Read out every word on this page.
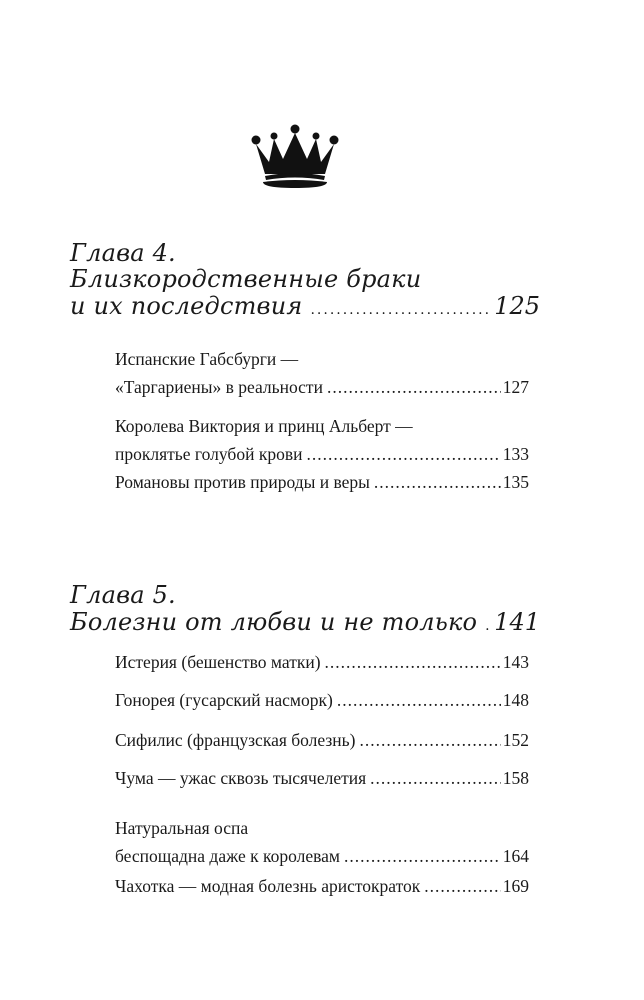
Глава 4.
Близкородственные браки
и их последствия .....	125
Испанские Габсбурги —
«Таргариены» в реальности .....	127
Королева Виктория и принц Альберт —
проклятье голубой крови .....	133
Романовы против природы и веры .....	135
Глава 5.
Болезни от любви и не только ..... 141
Истерия (бешенство матки) .....	143
Гонорея (гусарский насморк) .....	148
Сифилис (французская болезнь) .....	152
Чума — ужас сквозь тысячелетия .....	158
Натуральная оспа
беспощадна даже к королевам .....	164
Чахотка — модная болезнь аристократок .....	169
